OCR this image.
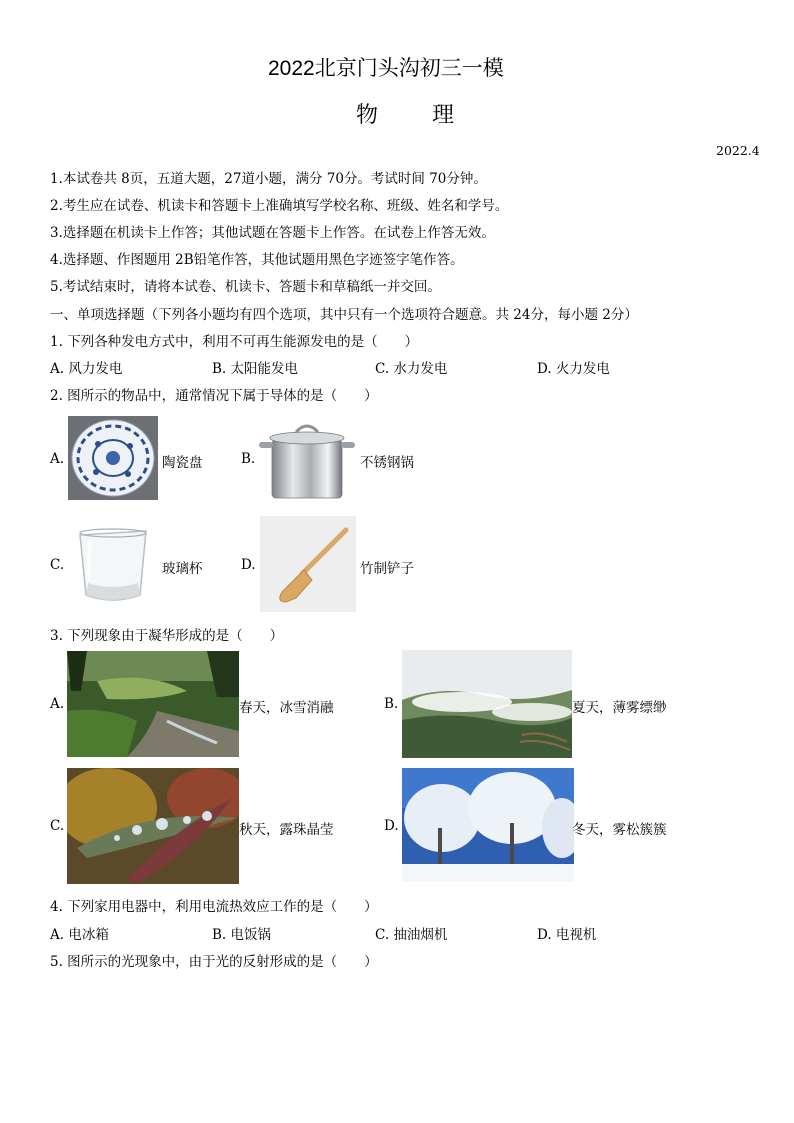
2022北京门头沟初三一模
物 理
2022.4
1.本试卷共 8页，五道大题，27道小题，满分 70分。考试时间 70分钟。
2.考生应在试卷、机读卡和答题卡上准确填写学校名称、班级、姓名和学号。
3.选择题在机读卡上作答；其他试题在答题卡上作答。在试卷上作答无效。
4.选择题、作图题用 2B铅笔作答，其他试题用黑色字迹签字笔作答。
5.考试结束时，请将本试卷、机读卡、答题卡和草稿纸一并交回。
一、单项选择题（下列各小题均有四个选项，其中只有一个选项符合题意。共 24分，每小题 2分）
1. 下列各种发电方式中，利用不可再生能源发电的是（　　）
A. 风力发电	B. 太阳能发电	C. 水力发电	D. 火力发电
2. 图所示的物品中，通常情况下属于导体的是（　　）
A.	陶瓷盘	B.	不锈钢锅
C.	玻璃杯	D.	竹制铲子
3. 下列现象由于凝华形成的是（　　）
A.	春天，冰雪消融	B.	夏天，薄雾缥缈
C.	秋天，露珠晶莹	D.	冬天，雾松簇簇
4. 下列家用电器中，利用电流热效应工作的是（　　）
A. 电冰箱	B. 电饭锅	C. 抽油烟机	D. 电视机
5. 图所示的光现象中，由于光的反射形成的是（　　）
